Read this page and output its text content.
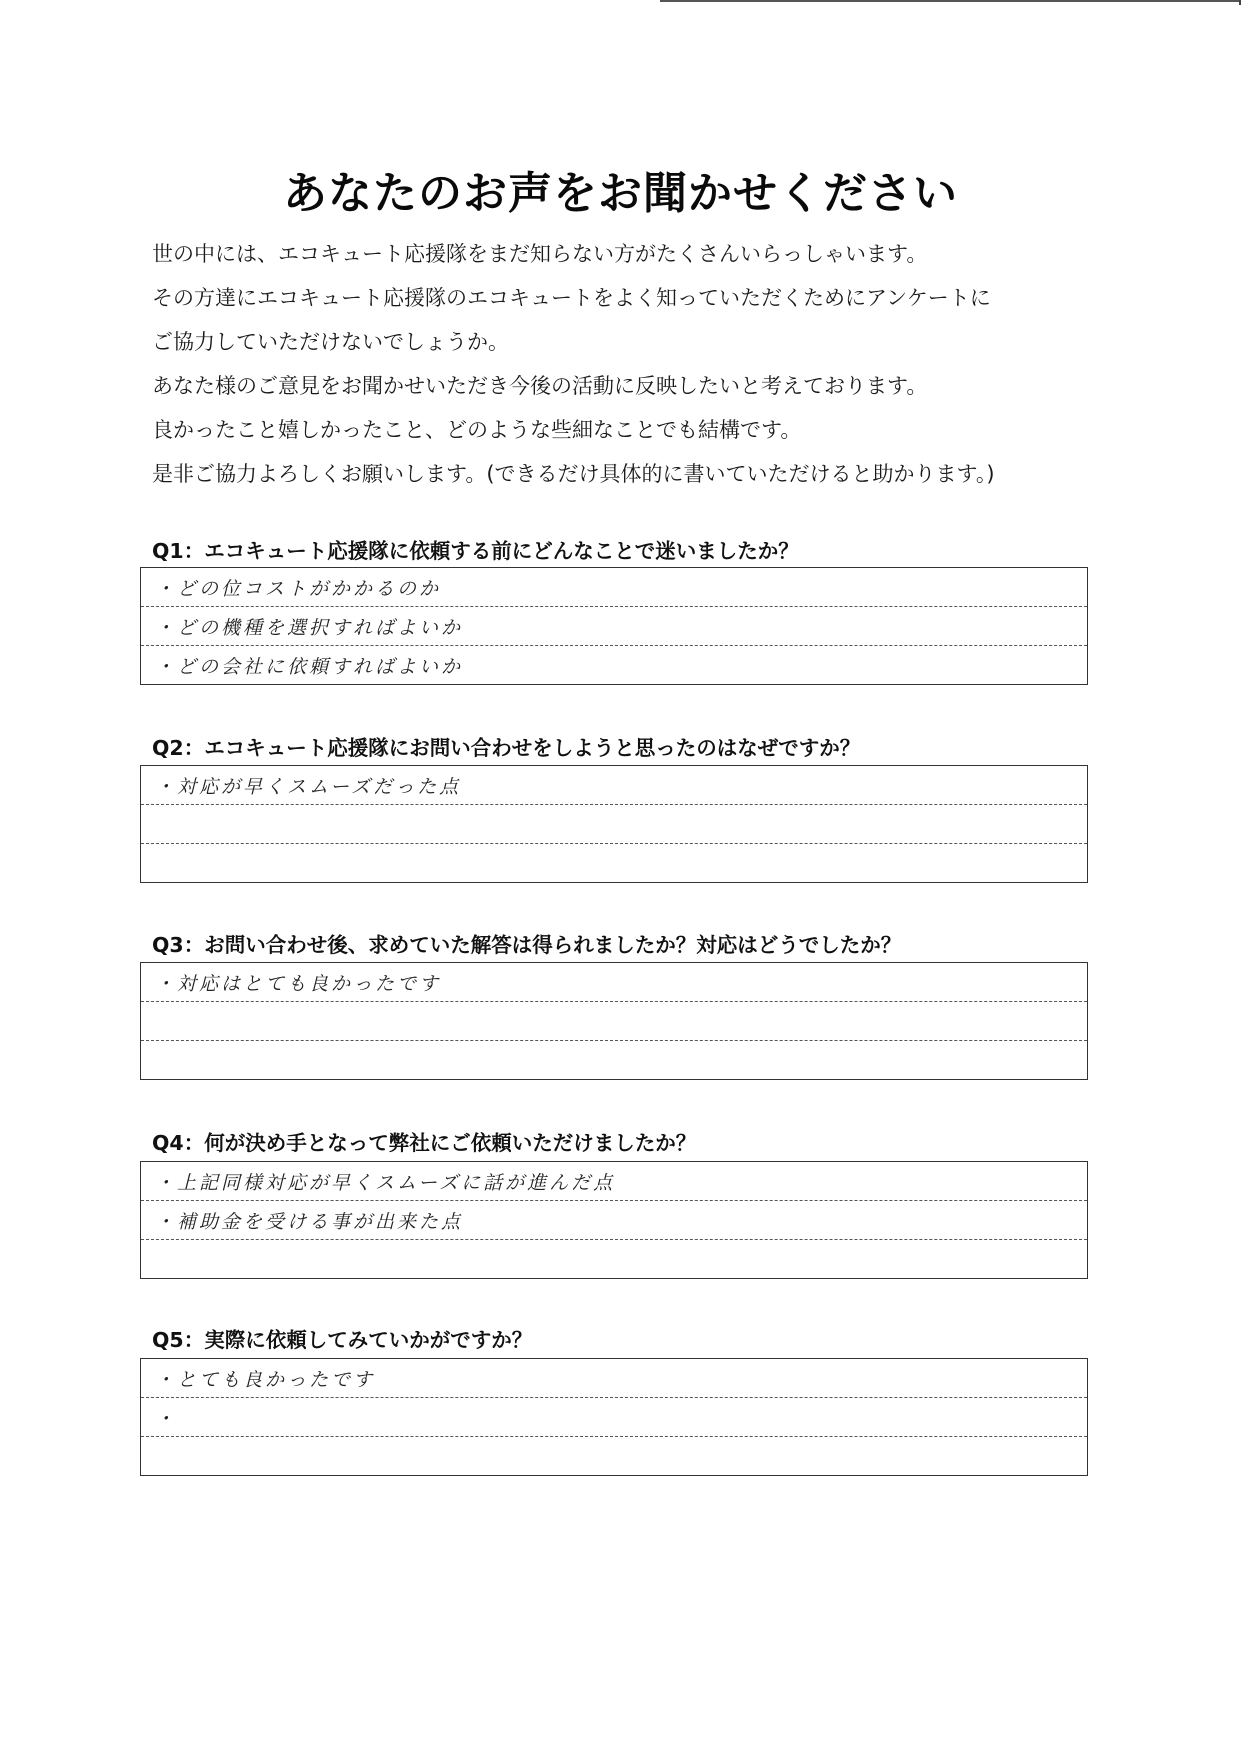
あなたのお声をお聞かせください

世の中には、エコキュート応援隊をまだ知らない方がたくさんいらっしゃいます。

その方達にエコキュート応援隊のエコキュートをよく知っていただくためにアンケートに

ご協力していただけないでしょうか。

あなた様のご意見をお聞かせいただき今後の活動に反映したいと考えております。

良かったこと嬉しかったこと、どのような些細なことでも結構です。

是非ご協力よろしくお願いします。(できるだけ具体的に書いていただけると助かります。)

Q1：エコキュート応援隊に依頼する前にどんなことで迷いましたか？
・どの位コストがかかるのか
・どの機種を選択すればよいか
・どの会社に依頼すればよいか
Q2：エコキュート応援隊にお問い合わせをしようと思ったのはなぜですか？
・対応が早くスムーズだった点
Q3：お問い合わせ後、求めていた解答は得られましたか？対応はどうでしたか？
・対応はとても良かったです
Q4：何が決め手となって弊社にご依頼いただけましたか？
・上記同様対応が早くスムーズに話が進んだ点
・補助金を受ける事が出来た点
Q5：実際に依頼してみていかがですか？
・とても良かったです
・
